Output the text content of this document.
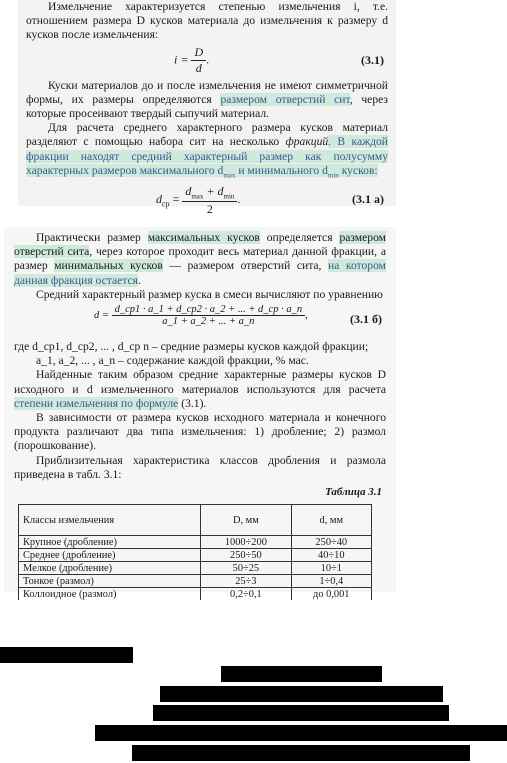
Измельчение характеризуется степенью измельчения i, т.е. отношением размера D кусков материала до измельчения к размеру d кусков после измельчения:

$i = \frac{D}{d}$ .	(3.1)

Куски материалов до и после измельчения не имеют симметричной формы, их размеры определяются размером отверстий сит, через которые просеивают твердый сыпучий материал.

Для расчета среднего характерного размера кусков материал разделяют с помощью набора сит на несколько фракций. В каждой фракции находят средний характерный размер как полусумму характерных размеров максимального $d_{max}$ и минимального $d_{min}$ кусков:

$d_{ср} = \frac{d_{max} + d_{min}}{2}$ .	(3.1 а)

Практически размер максимальных кусков определяется размером отверстий сита, через которое проходит весь материал данной фракции, а размер минимальных кусков — размером отверстий сита, на котором данная фракция остается.

Средний характерный размер куска в смеси вычисляют по уравнению

$d = \frac{d\_ср1 \cdot a\_1 + d\_ср2 \cdot a\_2 + ... + d\_ср \cdot a\_n}{a\_1 + a\_2 + ... + a\_n}$ ,	(3.1 б)

где d_ср1, d_ср2, ... , d_ср n – средние размеры кусков каждой фракции;

a_1, a_2, ... , a_n – содержание каждой фракции, % мас.

Найденные таким образом средние характерные размеры кусков D исходного и d измельченного материалов используются для расчета степени измельчения по формуле (3.1).

В зависимости от размера кусков исходного материала и конечного продукта различают два типа измельчения: 1) дробление; 2) размол (порошкование).

Приблизительная характеристика классов дробления и размола приведена в табл. 3.1:

Таблица 3.1
Классы измельчения	D, мм	d, мм
Крупное (дробление)	1000÷200	250÷40
Среднее (дробление)	250÷50	40÷10
Мелкое (дробление)	50÷25	10÷1
Тонкое (размол)	25÷3	1÷0,4
Коллоидное (размол)	0,2÷0,1	до 0,001
